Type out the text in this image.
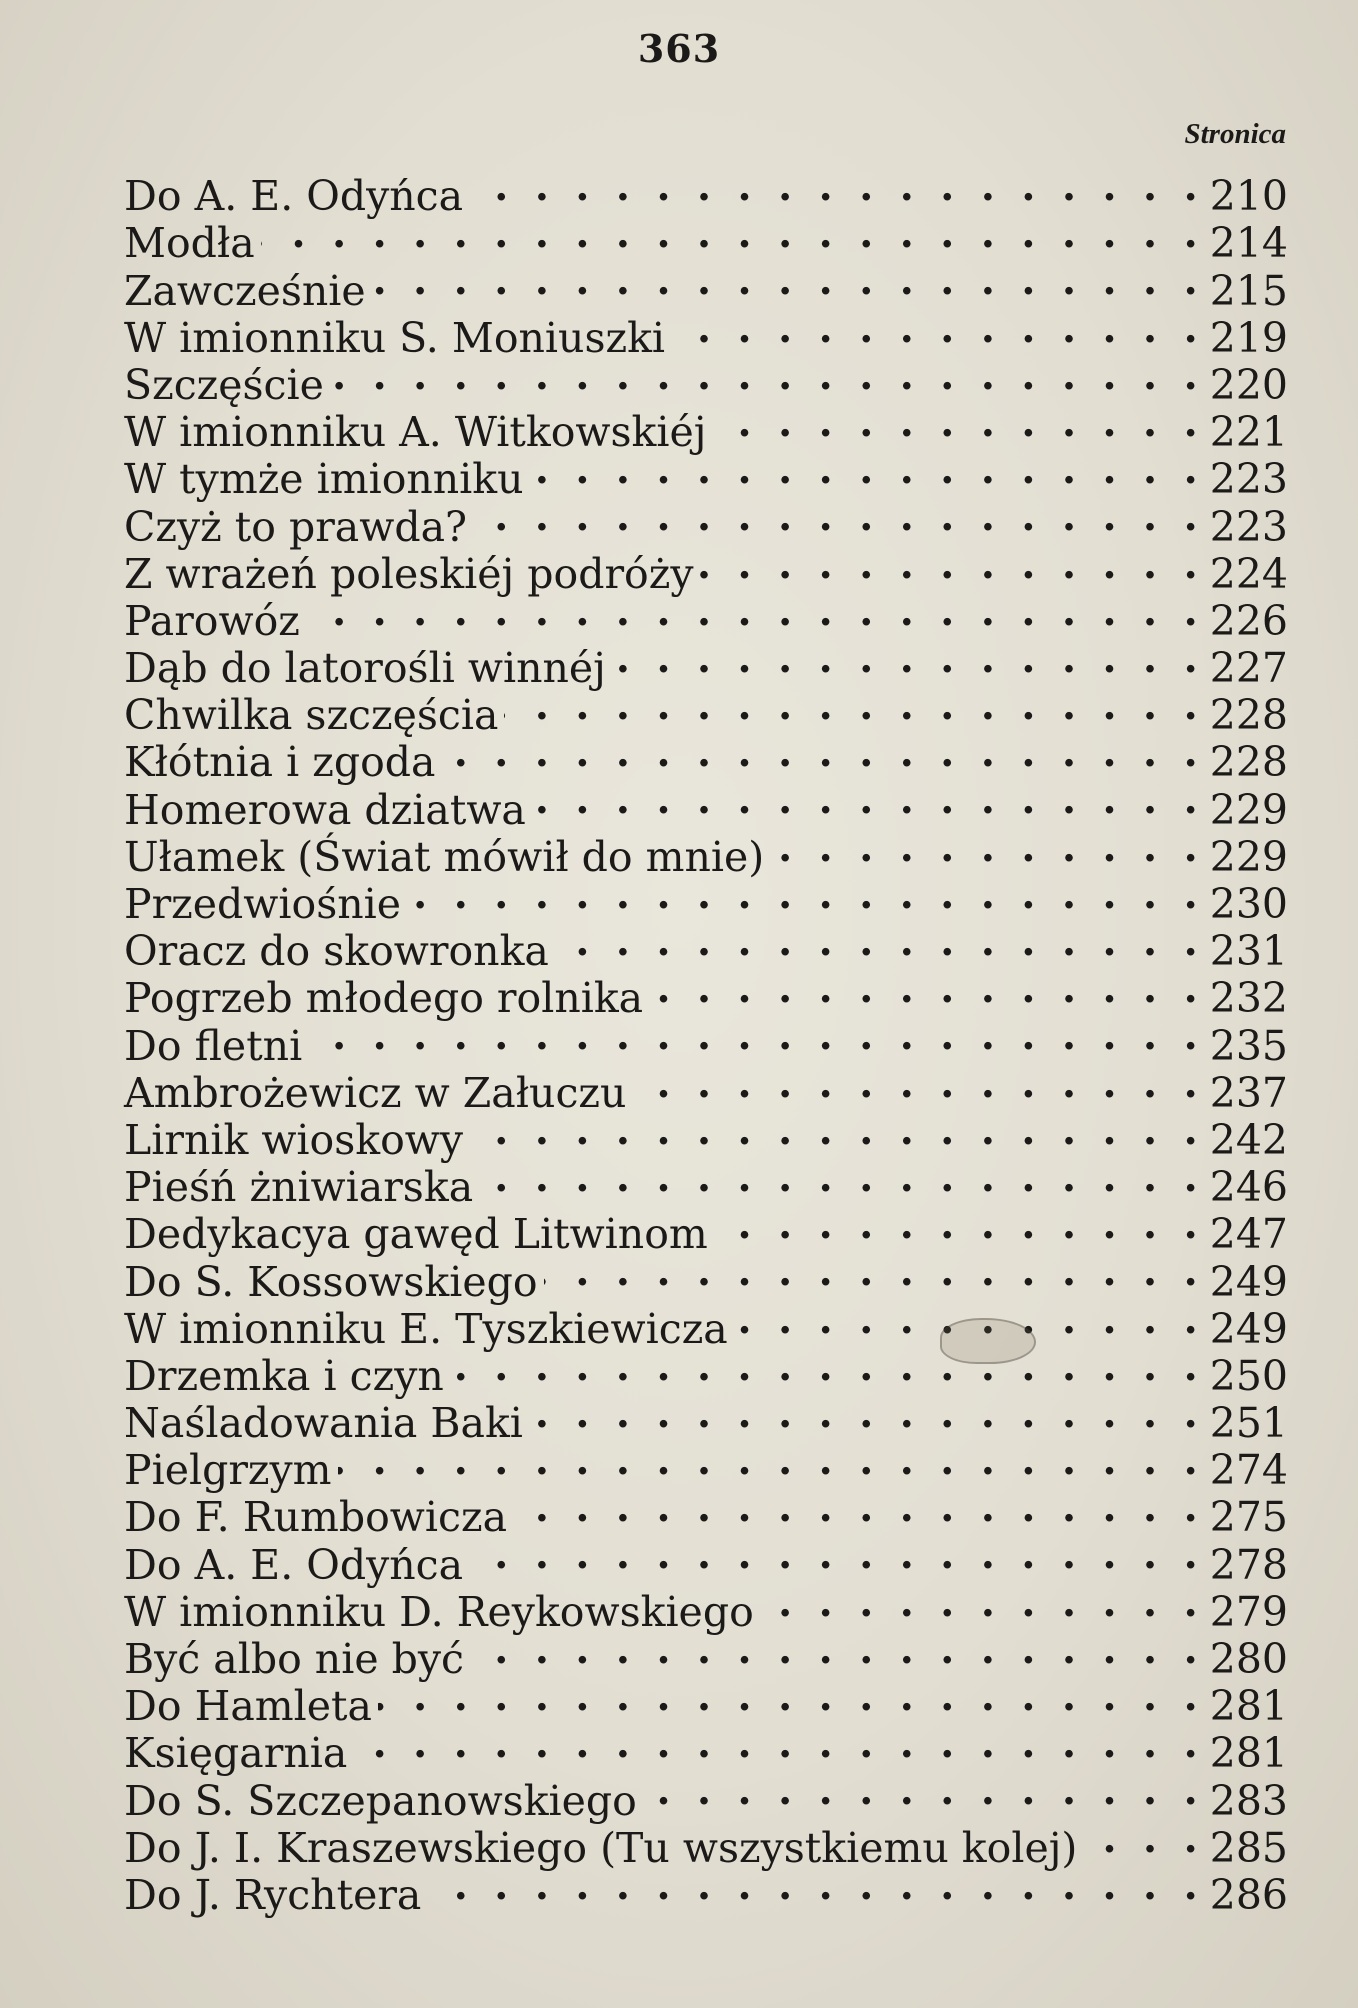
363
Stronica
Do A. E. Odyńca . . .	210
Modła . . .	214
Zawcześnie . . .	215
W imionniku S. Moniuszki . . .	219
Szczęście . . .	220
W imionniku A. Witkowskiéj . . .	221
W tymże imionniku . . .	223
Czyż to prawda? . . .	223
Z wrażeń poleskiéj podróży . . .	224
Parowóz . . .	226
Dąb do latorośli winnéj . . .	227
Chwilka szczęścia . . .	228
Kłótnia i zgoda . . .	228
Homerowa dziatwa . . .	229
Ułamek (Świat mówił do mnie) . . .	229
Przedwiośnie . . .	230
Oracz do skowronka . . .	231
Pogrzeb młodego rolnika . . .	232
Do fletni . . .	235
Ambrożewicz w Załuczu . . .	237
Lirnik wioskowy . . .	242
Pieśń żniwiarska . . .	246
Dedykacya gawęd Litwinom . . .	247
Do S. Kossowskiego . . .	249
W imionniku E. Tyszkiewicza . . .	249
Drzemka i czyn . . .	250
Naśladowania Baki . . .	251
Pielgrzym . . .	274
Do F. Rumbowicza . . .	275
Do A. E. Odyńca . . .	278
W imionniku D. Reykowskiego . . .	279
Być albo nie być . . .	280
Do Hamleta . . .	281
Księgarnia . . .	281
Do S. Szczepanowskiego . . .	283
Do J. I. Kraszewskiego (Tu wszystkiemu kolej) . . .	285
Do J. Rychtera . . .	286
